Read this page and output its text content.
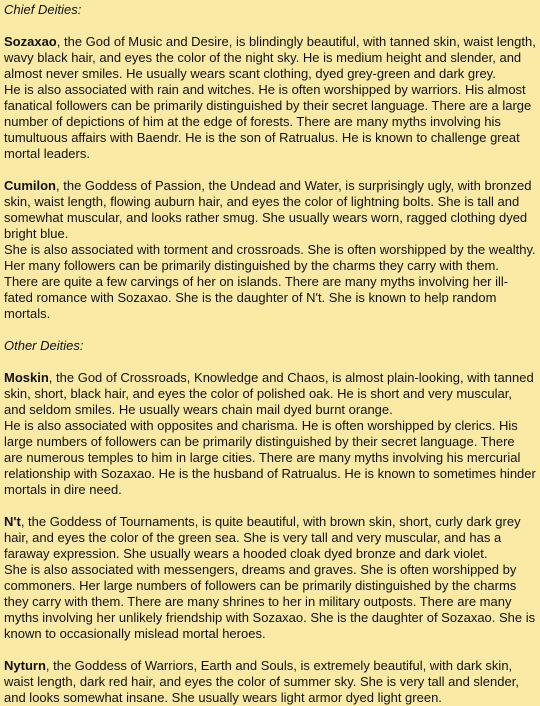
Chief Deities:

Sozaxao, the God of Music and Desire, is blindingly beautiful, with tanned skin, waist length, wavy black hair, and eyes the color of the night sky. He is medium height and slender, and almost never smiles. He usually wears scant clothing, dyed grey-green and dark grey.

He is also associated with rain and witches. He is often worshipped by warriors. His almost fanatical followers can be primarily distinguished by their secret language. There are a large number of depictions of him at the edge of forests. There are many myths involving his tumultuous affairs with Baendr. He is the son of Ratrualus. He is known to challenge great mortal leaders.

Cumilon, the Goddess of Passion, the Undead and Water, is surprisingly ugly, with bronzed skin, waist length, flowing auburn hair, and eyes the color of lightning bolts. She is tall and somewhat muscular, and looks rather smug. She usually wears worn, ragged clothing dyed bright blue.

She is also associated with torment and crossroads. She is often worshipped by the wealthy. Her many followers can be primarily distinguished by the charms they carry with them. There are quite a few carvings of her on islands. There are many myths involving her ill-fated romance with Sozaxao. She is the daughter of N't. She is known to help random mortals.

Other Deities:

Moskin, the God of Crossroads, Knowledge and Chaos, is almost plain-looking, with tanned skin, short, black hair, and eyes the color of polished oak. He is short and very muscular, and seldom smiles. He usually wears chain mail dyed burnt orange.

He is also associated with opposites and charisma. He is often worshipped by clerics. His large numbers of followers can be primarily distinguished by their secret language. There are numerous temples to him in large cities. There are many myths involving his mercurial relationship with Sozaxao. He is the husband of Ratrualus. He is known to sometimes hinder mortals in dire need.

N't, the Goddess of Tournaments, is quite beautiful, with brown skin, short, curly dark grey hair, and eyes the color of the green sea. She is very tall and very muscular, and has a faraway expression. She usually wears a hooded cloak dyed bronze and dark violet.

She is also associated with messengers, dreams and graves. She is often worshipped by commoners. Her large numbers of followers can be primarily distinguished by the charms they carry with them. There are many shrines to her in military outposts. There are many myths involving her unlikely friendship with Sozaxao. She is the daughter of Sozaxao. She is known to occasionally mislead mortal heroes.

Nyturn, the Goddess of Warriors, Earth and Souls, is extremely beautiful, with dark skin, waist length, dark red hair, and eyes the color of summer sky. She is very tall and slender, and looks somewhat insane. She usually wears light armor dyed light green.
